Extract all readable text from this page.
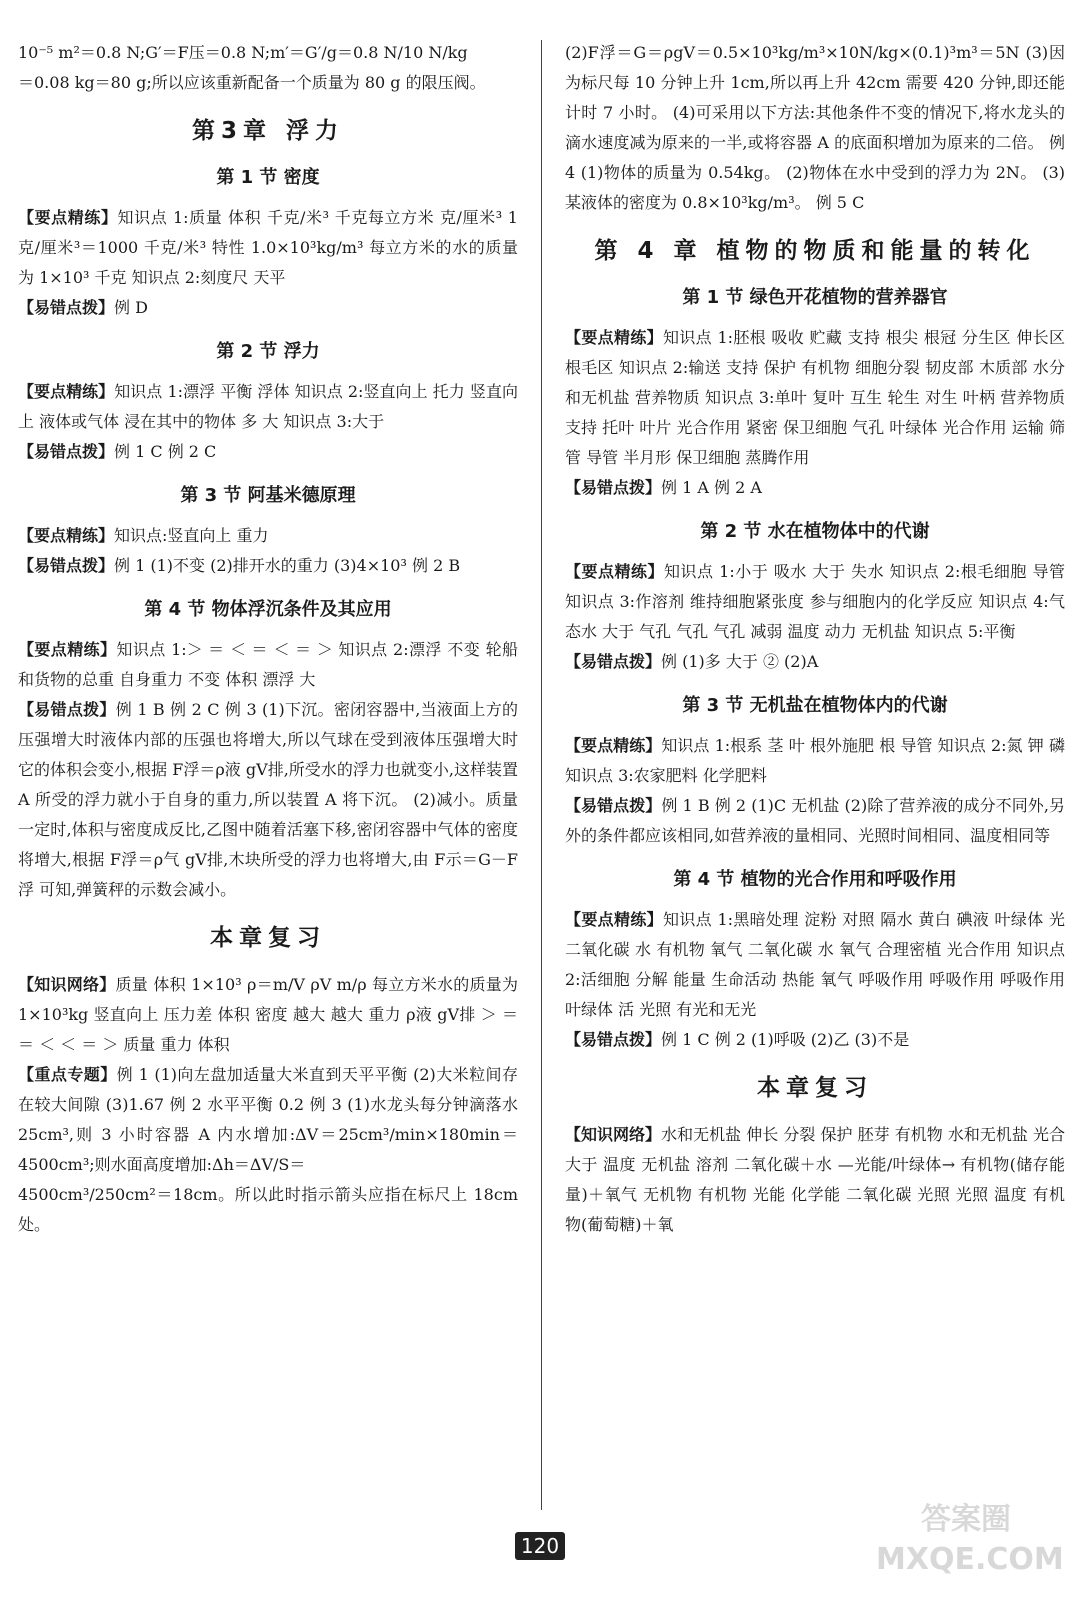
10⁻⁵ m²＝0.8 N;G′＝F压＝0.8 N;m′＝G′/g＝0.8 N/10 N/kg

＝0.08 kg＝80 g;所以应该重新配备一个质量为 80 g 的限压阀。

第3章 浮力
第 1 节 密度

【要点精练】知识点 1:质量 体积 千克/米³ 千克每立方米 克/厘米³ 1 克/厘米³＝1000 千克/米³ 特性 1.0×10³kg/m³ 每立方米的水的质量为 1×10³ 千克 知识点 2:刻度尺 天平

【易错点拨】例 D

第 2 节 浮力

【要点精练】知识点 1:漂浮 平衡 浮体 知识点 2:竖直向上 托力 竖直向上 液体或气体 浸在其中的物体 多 大 知识点 3:大于

【易错点拨】例 1 C 例 2 C

第 3 节 阿基米德原理

【要点精练】知识点:竖直向上 重力

【易错点拨】例 1 (1)不变 (2)排开水的重力 (3)4×10³ 例 2 B

第 4 节 物体浮沉条件及其应用

【要点精练】知识点 1:＞ ＝ ＜ ＝ ＜ ＝ ＞ 知识点 2:漂浮 不变 轮船和货物的总重 自身重力 不变 体积 漂浮 大

【易错点拨】例 1 B 例 2 C 例 3 (1)下沉。密闭容器中,当液面上方的压强增大时液体内部的压强也将增大,所以气球在受到液体压强增大时它的体积会变小,根据 F浮＝ρ液 gV排,所受水的浮力也就变小,这样装置 A 所受的浮力就小于自身的重力,所以装置 A 将下沉。 (2)减小。质量一定时,体积与密度成反比,乙图中随着活塞下移,密闭容器中气体的密度将增大,根据 F浮＝ρ气 gV排,木块所受的浮力也将增大,由 F示＝G－F浮 可知,弹簧秤的示数会减小。

本章复习

【知识网络】质量 体积 1×10³ ρ＝m/V ρV m/ρ 每立方米水的质量为 1×10³kg 竖直向上 压力差 体积 密度 越大 越大 重力 ρ液 gV排 ＞ ＝ ＝ ＜ ＜ ＝ ＞ 质量 重力 体积

【重点专题】例 1 (1)向左盘加适量大米直到天平平衡 (2)大米粒间存在较大间隙 (3)1.67 例 2 水平平衡 0.2 例 3 (1)水龙头每分钟滴落水 25cm³,则 3 小时容器 A 内水增加:ΔV＝25cm³/min×180min＝4500cm³;则水面高度增加:Δh＝ΔV/S＝

4500cm³/250cm²＝18cm。所以此时指示箭头应指在标尺上 18cm 处。

(2)F浮＝G＝ρgV＝0.5×10³kg/m³×10N/kg×(0.1)³m³＝5N (3)因为标尺每 10 分钟上升 1cm,所以再上升 42cm 需要 420 分钟,即还能计时 7 小时。 (4)可采用以下方法:其他条件不变的情况下,将水龙头的滴水速度减为原来的一半,或将容器 A 的底面积增加为原来的二倍。 例 4 (1)物体的质量为 0.54kg。 (2)物体在水中受到的浮力为 2N。 (3)某液体的密度为 0.8×10³kg/m³。 例 5 C

第 4 章 植物的物质和能量的转化
第 1 节 绿色开花植物的营养器官

【要点精练】知识点 1:胚根 吸收 贮藏 支持 根尖 根冠 分生区 伸长区 根毛区 知识点 2:输送 支持 保护 有机物 细胞分裂 韧皮部 木质部 水分和无机盐 营养物质 知识点 3:单叶 复叶 互生 轮生 对生 叶柄 营养物质 支持 托叶 叶片 光合作用 紧密 保卫细胞 气孔 叶绿体 光合作用 运输 筛管 导管 半月形 保卫细胞 蒸腾作用

【易错点拨】例 1 A 例 2 A

第 2 节 水在植物体中的代谢

【要点精练】知识点 1:小于 吸水 大于 失水 知识点 2:根毛细胞 导管 知识点 3:作溶剂 维持细胞紧张度 参与细胞内的化学反应 知识点 4:气态水 大于 气孔 气孔 气孔 减弱 温度 动力 无机盐 知识点 5:平衡

【易错点拨】例 (1)多 大于 ② (2)A

第 3 节 无机盐在植物体内的代谢

【要点精练】知识点 1:根系 茎 叶 根外施肥 根 导管 知识点 2:氮 钾 磷 知识点 3:农家肥料 化学肥料

【易错点拨】例 1 B 例 2 (1)C 无机盐 (2)除了营养液的成分不同外,另外的条件都应该相同,如营养液的量相同、光照时间相同、温度相同等

第 4 节 植物的光合作用和呼吸作用

【要点精练】知识点 1:黑暗处理 淀粉 对照 隔水 黄白 碘液 叶绿体 光 二氧化碳 水 有机物 氧气 二氧化碳 水 氧气 合理密植 光合作用 知识点 2:活细胞 分解 能量 生命活动 热能 氧气 呼吸作用 呼吸作用 呼吸作用 叶绿体 活 光照 有光和无光

【易错点拨】例 1 C 例 2 (1)呼吸 (2)乙 (3)不是

本章复习

【知识网络】水和无机盐 伸长 分裂 保护 胚芽 有机物 水和无机盐 光合 大于 温度 无机盐 溶剂 二氧化碳＋水 —光能/叶绿体→ 有机物(储存能量)＋氧气 无机物 有机物 光能 化学能 二氧化碳 光照 光照 温度 有机物(葡萄糖)＋氧

120
答案圈
MXQE.COM
